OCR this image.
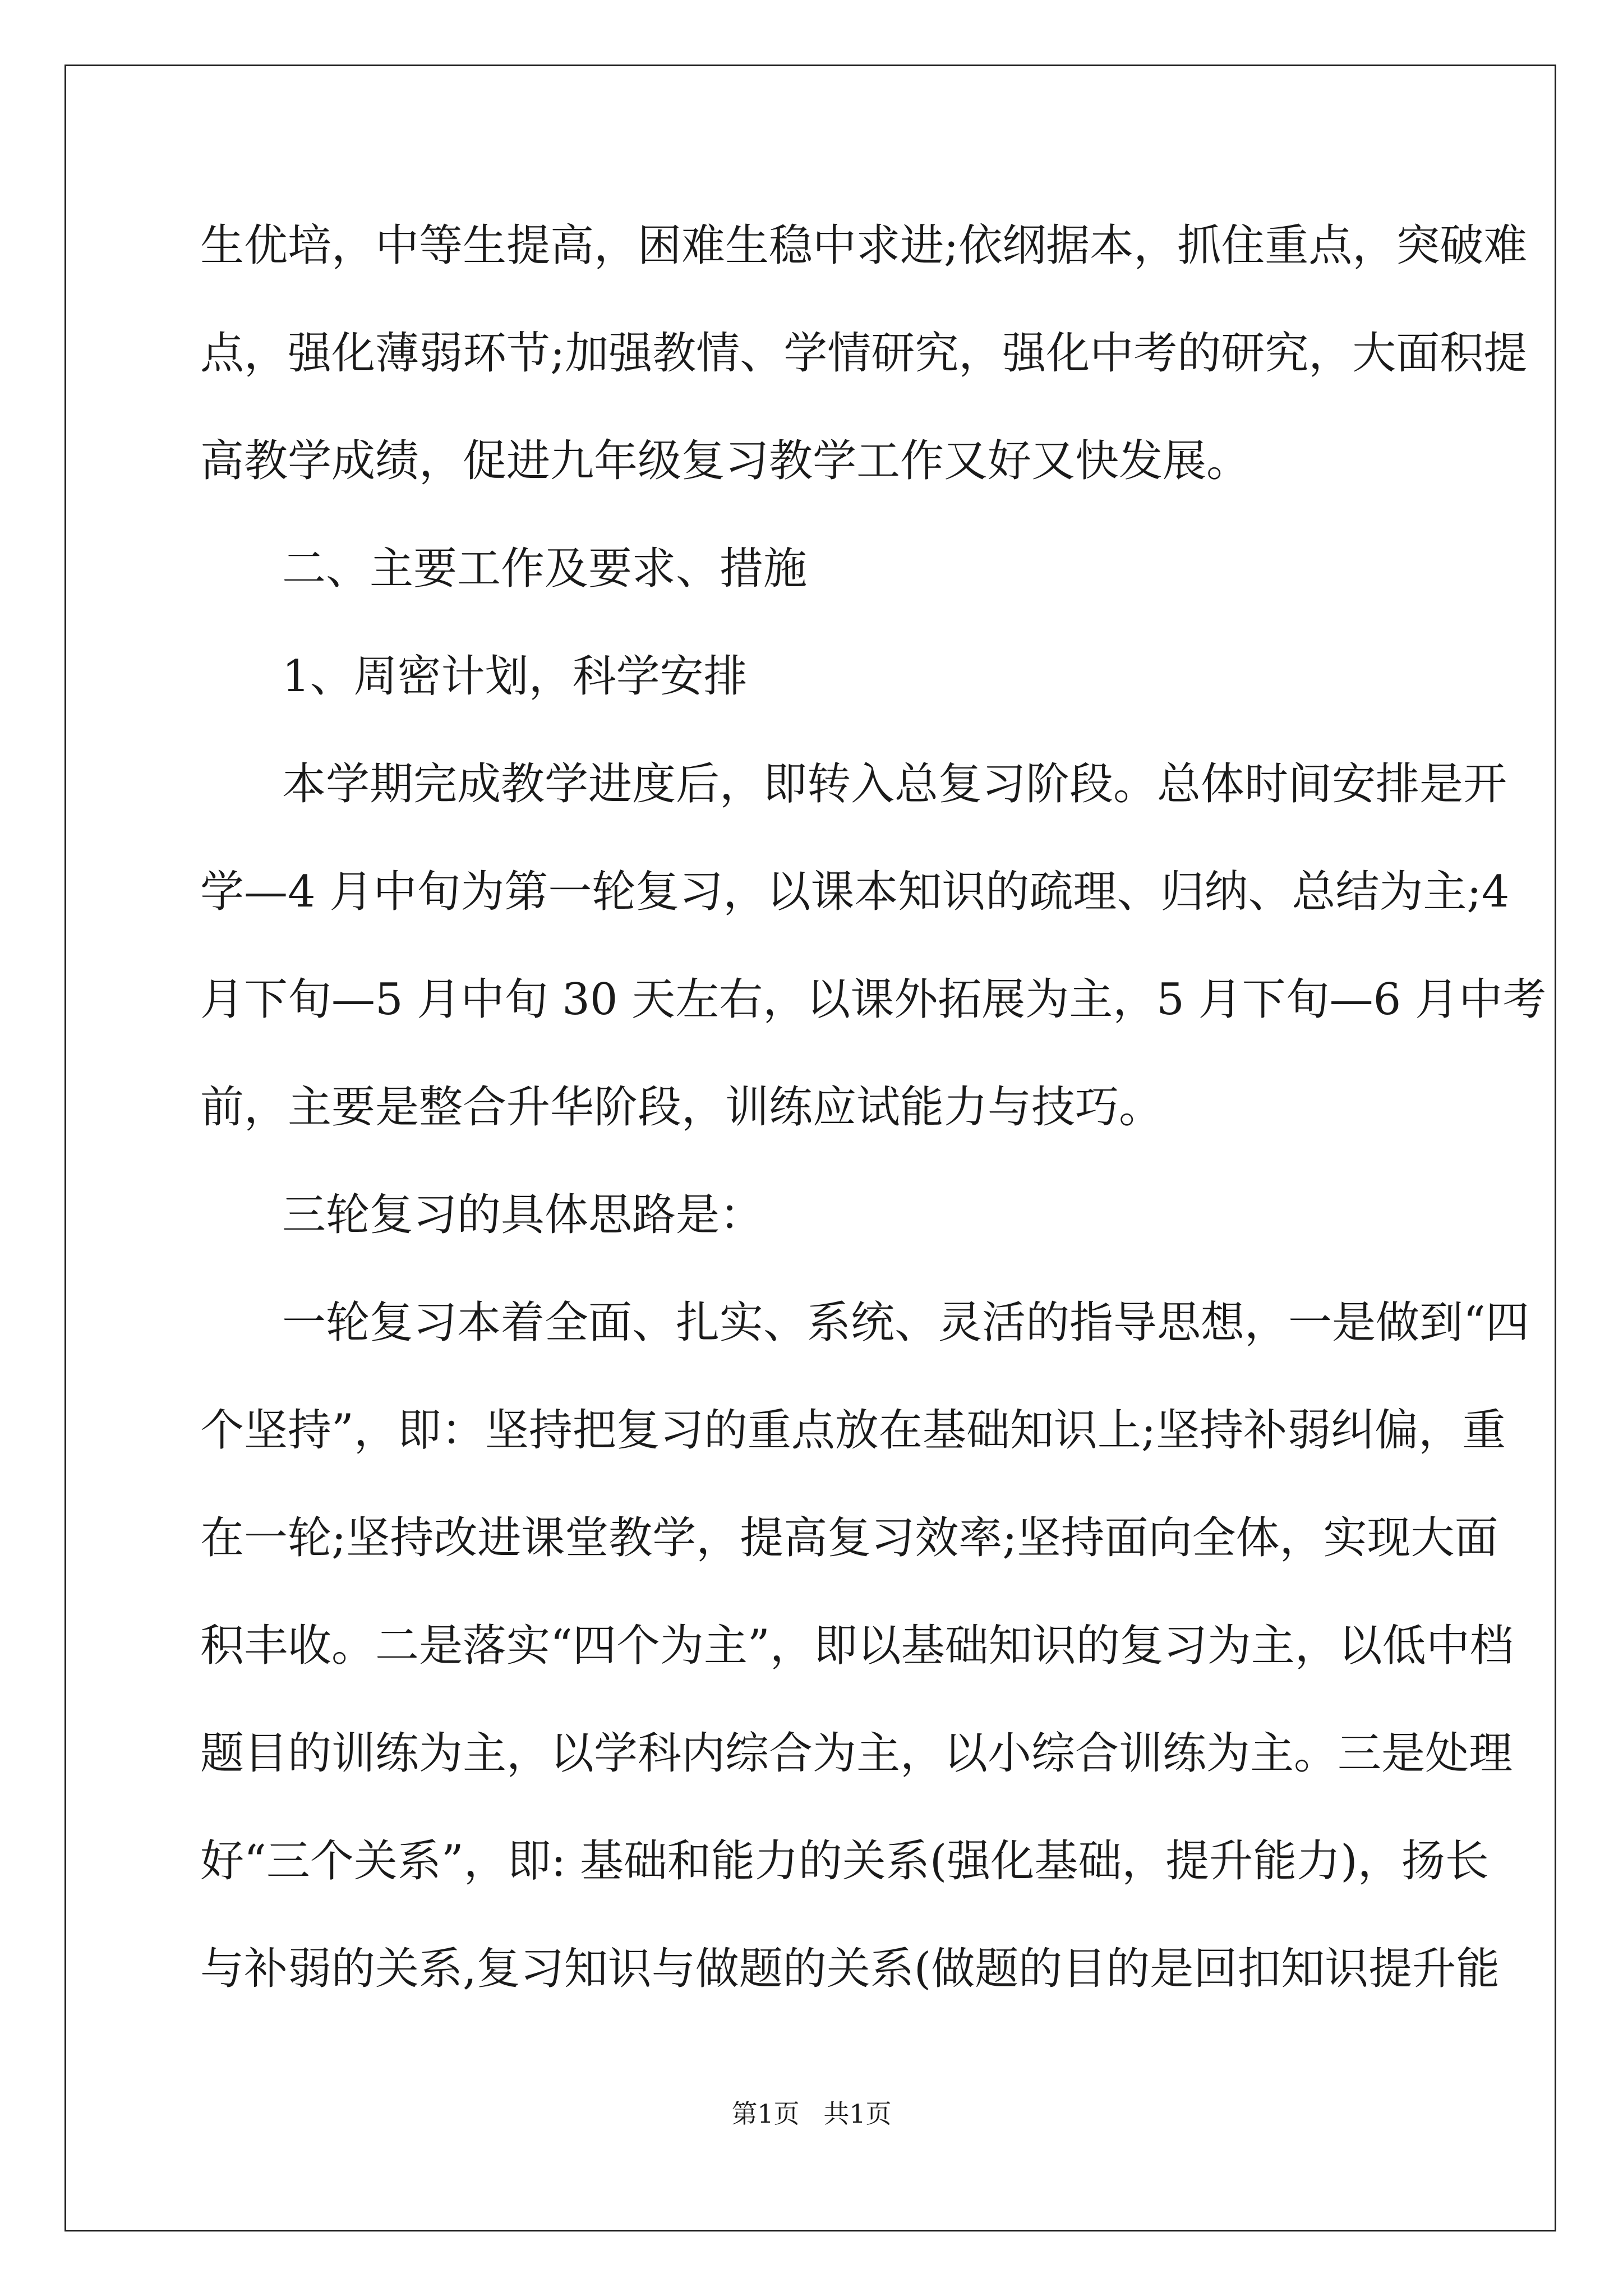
生优培，中等生提高，困难生稳中求进;依纲据本，抓住重点，突破难
点，强化薄弱环节;加强教情、学情研究，强化中考的研究，大面积提
高教学成绩，促进九年级复习教学工作又好又快发展。
二、主要工作及要求、措施
1、周密计划，科学安排
本学期完成教学进度后，即转入总复习阶段。总体时间安排是开
学—4 月中旬为第一轮复习，以课本知识的疏理、归纳、总结为主;4
月下旬—5 月中旬 30 天左右，以课外拓展为主，5 月下旬—6 月中考
前，主要是整合升华阶段，训练应试能力与技巧。
三轮复习的具体思路是：
一轮复习本着全面、扎实、系统、灵活的指导思想，一是做到“四
个坚持”，即：坚持把复习的重点放在基础知识上;坚持补弱纠偏，重
在一轮;坚持改进课堂教学，提高复习效率;坚持面向全体，实现大面
积丰收。二是落实“四个为主”，即以基础知识的复习为主，以低中档
题目的训练为主，以学科内综合为主，以小综合训练为主。三是处理
好“三个关系”，即: 基础和能力的关系(强化基础，提升能力)，扬长
与补弱的关系,复习知识与做题的关系(做题的目的是回扣知识提升能
第1页 共1页
